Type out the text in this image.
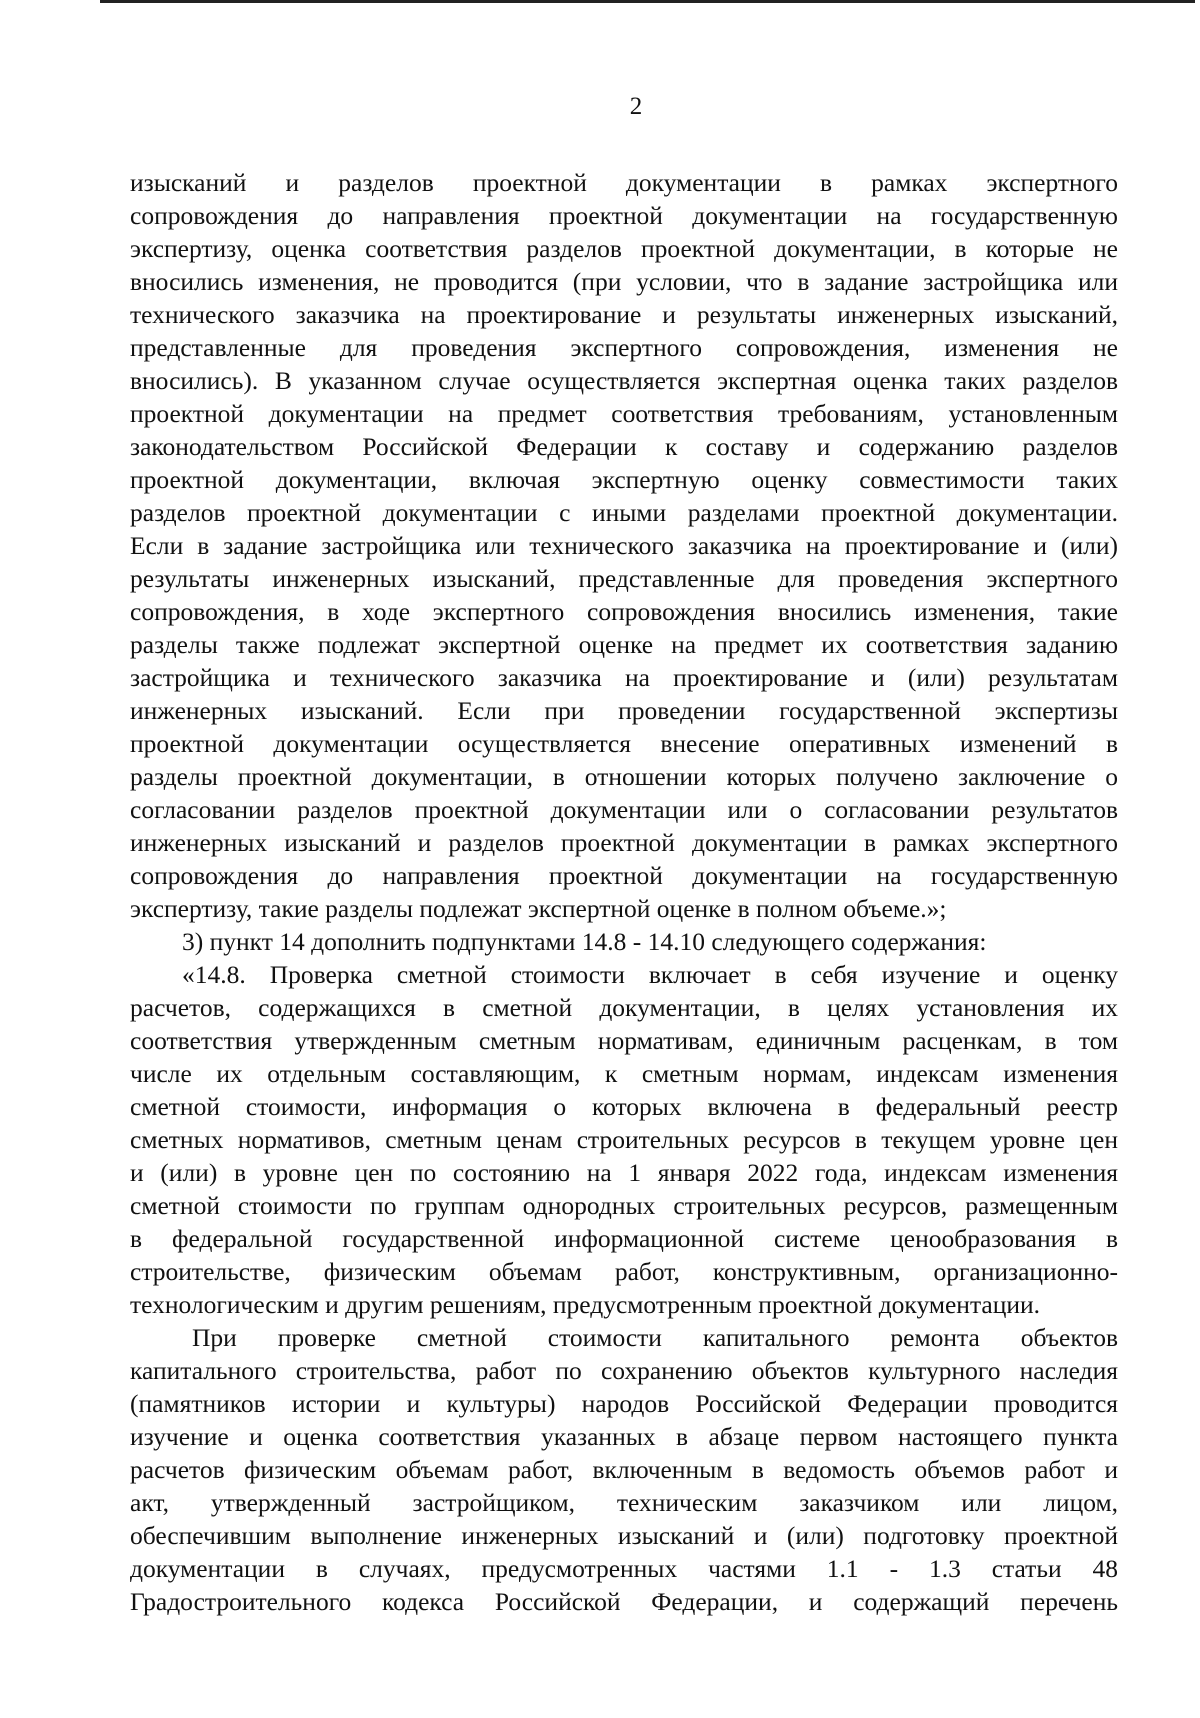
2
изысканий и разделов проектной документации в рамках экспертного
сопровождения до направления проектной документации на государственную
экспертизу, оценка соответствия разделов проектной документации, в которые не
вносились изменения, не проводится (при условии, что в задание застройщика или
технического заказчика на проектирование и результаты инженерных изысканий,
представленные для проведения экспертного сопровождения, изменения не
вносились). В указанном случае осуществляется экспертная оценка таких разделов
проектной документации на предмет соответствия требованиям, установленным
законодательством Российской Федерации к составу и содержанию разделов
проектной документации, включая экспертную оценку совместимости таких
разделов проектной документации с иными разделами проектной документации.
Если в задание застройщика или технического заказчика на проектирование и (или)
результаты инженерных изысканий, представленные для проведения экспертного
сопровождения, в ходе экспертного сопровождения вносились изменения, такие
разделы также подлежат экспертной оценке на предмет их соответствия заданию
застройщика и технического заказчика на проектирование и (или) результатам
инженерных изысканий. Если при проведении государственной экспертизы
проектной документации осуществляется внесение оперативных изменений в
разделы проектной документации, в отношении которых получено заключение о
согласовании разделов проектной документации или о согласовании результатов
инженерных изысканий и разделов проектной документации в рамках экспертного
сопровождения до направления проектной документации на государственную
экспертизу, такие разделы подлежат экспертной оценке в полном объеме.»;
3) пункт 14 дополнить подпунктами 14.8 - 14.10 следующего содержания:
«14.8. Проверка сметной стоимости включает в себя изучение и оценку
расчетов, содержащихся в сметной документации, в целях установления их
соответствия утвержденным сметным нормативам, единичным расценкам, в том
числе их отдельным составляющим, к сметным нормам, индексам изменения
сметной стоимости, информация о которых включена в федеральный реестр
сметных нормативов, сметным ценам строительных ресурсов в текущем уровне цен
и (или) в уровне цен по состоянию на 1 января 2022 года, индексам изменения
сметной стоимости по группам однородных строительных ресурсов, размещенным
в федеральной государственной информационной системе ценообразования в
строительстве, физическим объемам работ, конструктивным, организационно-
технологическим и другим решениям, предусмотренным проектной документации.
При проверке сметной стоимости капитального ремонта объектов
капитального строительства, работ по сохранению объектов культурного наследия
(памятников истории и культуры) народов Российской Федерации проводится
изучение и оценка соответствия указанных в абзаце первом настоящего пункта
расчетов физическим объемам работ, включенным в ведомость объемов работ и
акт, утвержденный застройщиком, техническим заказчиком или лицом,
обеспечившим выполнение инженерных изысканий и (или) подготовку проектной
документации в случаях, предусмотренных частями 1.1 - 1.3 статьи 48
Градостроительного кодекса Российской Федерации, и содержащий перечень
